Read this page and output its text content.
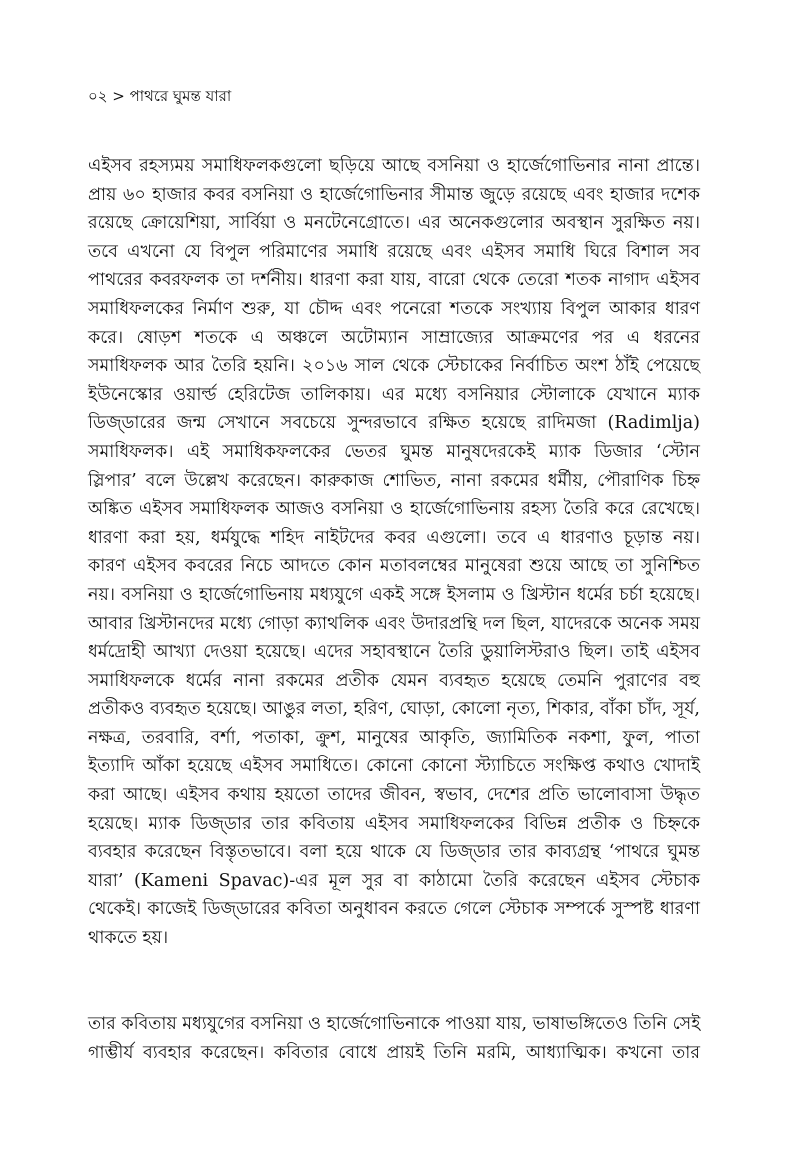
০২ > পাথরে ঘুমন্ত যারা
এইসব রহস্যময় সমাধিফলকগুলো ছড়িয়ে আছে বসনিয়া ও হার্জেগোভিনার নানা প্রান্তে।
প্রায় ৬০ হাজার কবর বসনিয়া ও হার্জেগোভিনার সীমান্ত জুড়ে রয়েছে এবং হাজার দশেক
রয়েছে ক্রোয়েশিয়া, সার্বিয়া ও মনটেনেগ্রোতে। এর অনেকগুলোর অবস্থান সুরক্ষিত নয়।
তবে এখনো যে বিপুল পরিমাণের সমাধি রয়েছে এবং এইসব সমাধি ঘিরে বিশাল সব
পাথরের কবরফলক তা দর্শনীয়। ধারণা করা যায়, বারো থেকে তেরো শতক নাগাদ এইসব
সমাধিফলকের নির্মাণ শুরু, যা চৌদ্দ এবং পনেরো শতকে সংখ্যায় বিপুল আকার ধারণ
করে। ষোড়শ শতকে এ অঞ্চলে অটোম্যান সাম্রাজ্যের আক্রমণের পর এ ধরনের
সমাধিফলক আর তৈরি হয়নি। ২০১৬ সাল থেকে স্টেচাকের নির্বাচিত অংশ ঠাঁই পেয়েছে
ইউনেস্কোর ওয়ার্ল্ড হেরিটেজ তালিকায়। এর মধ্যে বসনিয়ার স্টোলাকে যেখানে ম্যাক
ডিজ্ডারের জন্ম সেখানে সবচেয়ে সুন্দরভাবে রক্ষিত হয়েছে রাদিমজা (Radimlja)
সমাধিফলক। এই সমাধিকফলকের ভেতর ঘুমন্ত মানুষদেরকেই ম্যাক ডিজার ‘স্টোন
স্লিপার’ বলে উল্লেখ করেছেন। কারুকাজ শোভিত, নানা রকমের ধর্মীয়, পৌরাণিক চিহ্ন
অঙ্কিত এইসব সমাধিফলক আজও বসনিয়া ও হার্জেগোভিনায় রহস্য তৈরি করে রেখেছে।
ধারণা করা হয়, ধর্মযুদ্ধে শহিদ নাইটদের কবর এগুলো। তবে এ ধারণাও চূড়ান্ত নয়।
কারণ এইসব কবরের নিচে আদতে কোন মতাবলম্বের মানুষেরা শুয়ে আছে তা সুনিশ্চিত
নয়। বসনিয়া ও হার্জেগোভিনায় মধ্যযুগে একই সঙ্গে ইসলাম ও খ্রিস্টান ধর্মের চর্চা হয়েছে।
আবার খ্রিস্টানদের মধ্যে গোড়া ক্যাথলিক এবং উদারপ্রন্থি দল ছিল, যাদেরকে অনেক সময়
ধর্মদ্রোহী আখ্যা দেওয়া হয়েছে। এদের সহাবস্থানে তৈরি ডুয়ালিস্টরাও ছিল। তাই এইসব
সমাধিফলকে ধর্মের নানা রকমের প্রতীক যেমন ব্যবহৃত হয়েছে তেমনি পুরাণের বহু
প্রতীকও ব্যবহৃত হয়েছে। আঙুর লতা, হরিণ, ঘোড়া, কোলো নৃত্য, শিকার, বাঁকা চাঁদ, সূর্য,
নক্ষত্র, তরবারি, বর্শা, পতাকা, ক্রুশ, মানুষের আকৃতি, জ্যামিতিক নকশা, ফুল, পাতা
ইত্যাদি আঁকা হয়েছে এইসব সমাধিতে। কোনো কোনো স্ট্যাচিতে সংক্ষিপ্ত কথাও খোদাই
করা আছে। এইসব কথায় হয়তো তাদের জীবন, স্বভাব, দেশের প্রতি ভালোবাসা উদ্ধৃত
হয়েছে। ম্যাক ডিজ্ডার তার কবিতায় এইসব সমাধিফলকের বিভিন্ন প্রতীক ও চিহ্নকে
ব্যবহার করেছেন বিস্তৃতভাবে। বলা হয়ে থাকে যে ডিজ্ডার তার কাব্যগ্রন্থ ‘পাথরে ঘুমন্ত
যারা’ (Kameni Spavac)-এর মূল সুর বা কাঠামো তৈরি করেছেন এইসব স্টেচাক
থেকেই। কাজেই ডিজ্ডারের কবিতা অনুধাবন করতে গেলে স্টেচাক সম্পর্কে সুস্পষ্ট ধারণা
থাকতে হয়।
তার কবিতায় মধ্যযুগের বসনিয়া ও হার্জেগোভিনাকে পাওয়া যায়, ভাষাভঙ্গিতেও তিনি সেই
গাম্ভীর্য ব্যবহার করেছেন। কবিতার বোধে প্রায়ই তিনি মরমি, আধ্যাত্মিক। কখনো তার
